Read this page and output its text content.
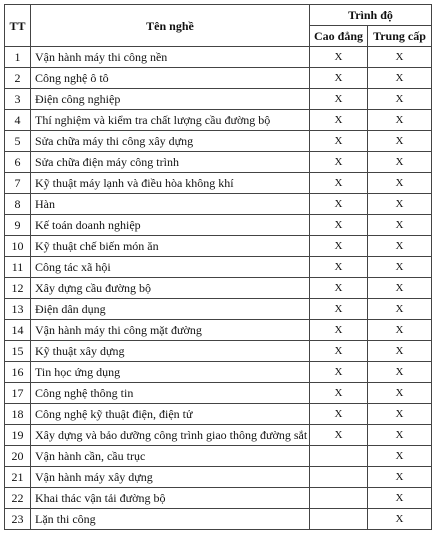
TT	Tên nghề	Trình độ	
		Cao đẳng	Trung cấp
1	Vận hành máy thi công nền	X	X
2	Công nghệ ô tô	X	X
3	Điện công nghiệp	X	X
4	Thí nghiệm và kiểm tra chất lượng cầu đường bộ	X	X
5	Sửa chữa máy thi công xây dựng	X	X
6	Sửa chữa điện máy công trình	X	X
7	Kỹ thuật máy lạnh và điều hòa không khí	X	X
8	Hàn	X	X
9	Kế toán doanh nghiệp	X	X
10	Kỹ thuật chế biến món ăn	X	X
11	Công tác xã hội	X	X
12	Xây dựng cầu đường bộ	X	X
13	Điện dân dụng	X	X
14	Vận hành máy thi công mặt đường	X	X
15	Kỹ thuật xây dựng	X	X
16	Tin học ứng dụng	X	X
17	Công nghệ thông tin	X	X
18	Công nghệ kỹ thuật điện, điện tử	X	X
19	Xây dựng và bảo dưỡng công trình giao thông đường sắt	X	X
20	Vận hành cần, cầu trục		X
21	Vận hành máy xây dựng		X
22	Khai thác vận tải đường bộ		X
23	Lặn thi công		X
